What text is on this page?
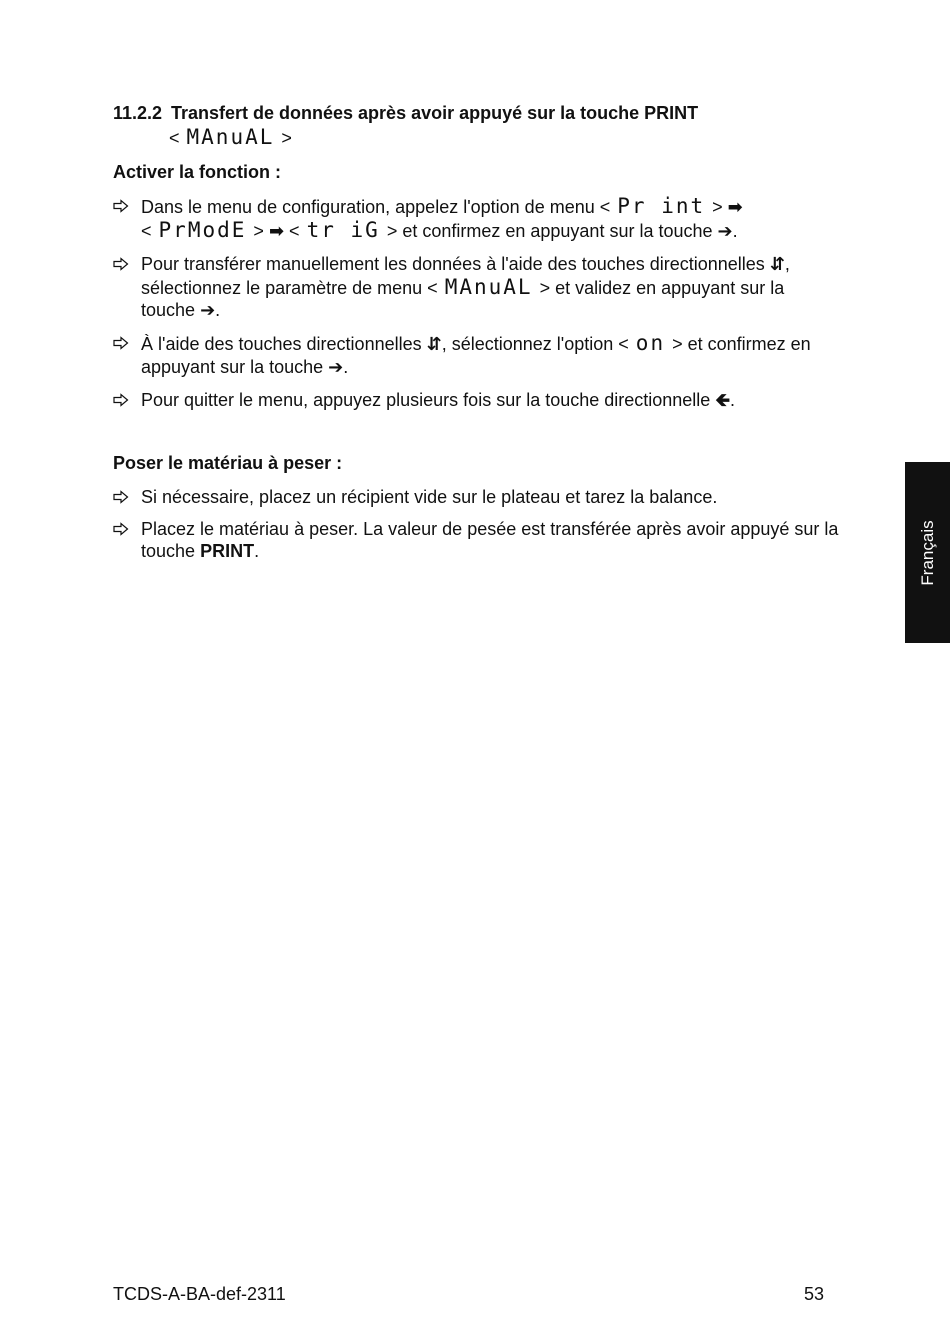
11.2.2 Transfert de données après avoir appuyé sur la touche PRINT
< MAnuAL >
Activer la fonction :
Dans le menu de configuration, appelez l'option de menu < Pr int > ➡
< PrModE > ➡ < tr iG > et confirmez en appuyant sur la touche ➔.
Pour transférer manuellement les données à l'aide des touches directionnelles ⇵, sélectionnez le paramètre de menu < MAnuAL > et validez en appuyant sur la touche ➔.
À l'aide des touches directionnelles ⇵, sélectionnez l'option < on > et confirmez en appuyant sur la touche ➔.
Pour quitter le menu, appuyez plusieurs fois sur la touche directionnelle 🡸.
Poser le matériau à peser :
Si nécessaire, placez un récipient vide sur le plateau et tarez la balance.
Placez le matériau à peser. La valeur de pesée est transférée après avoir appuyé sur la touche PRINT.
TCDS-A-BA-def-2311	53
Français
